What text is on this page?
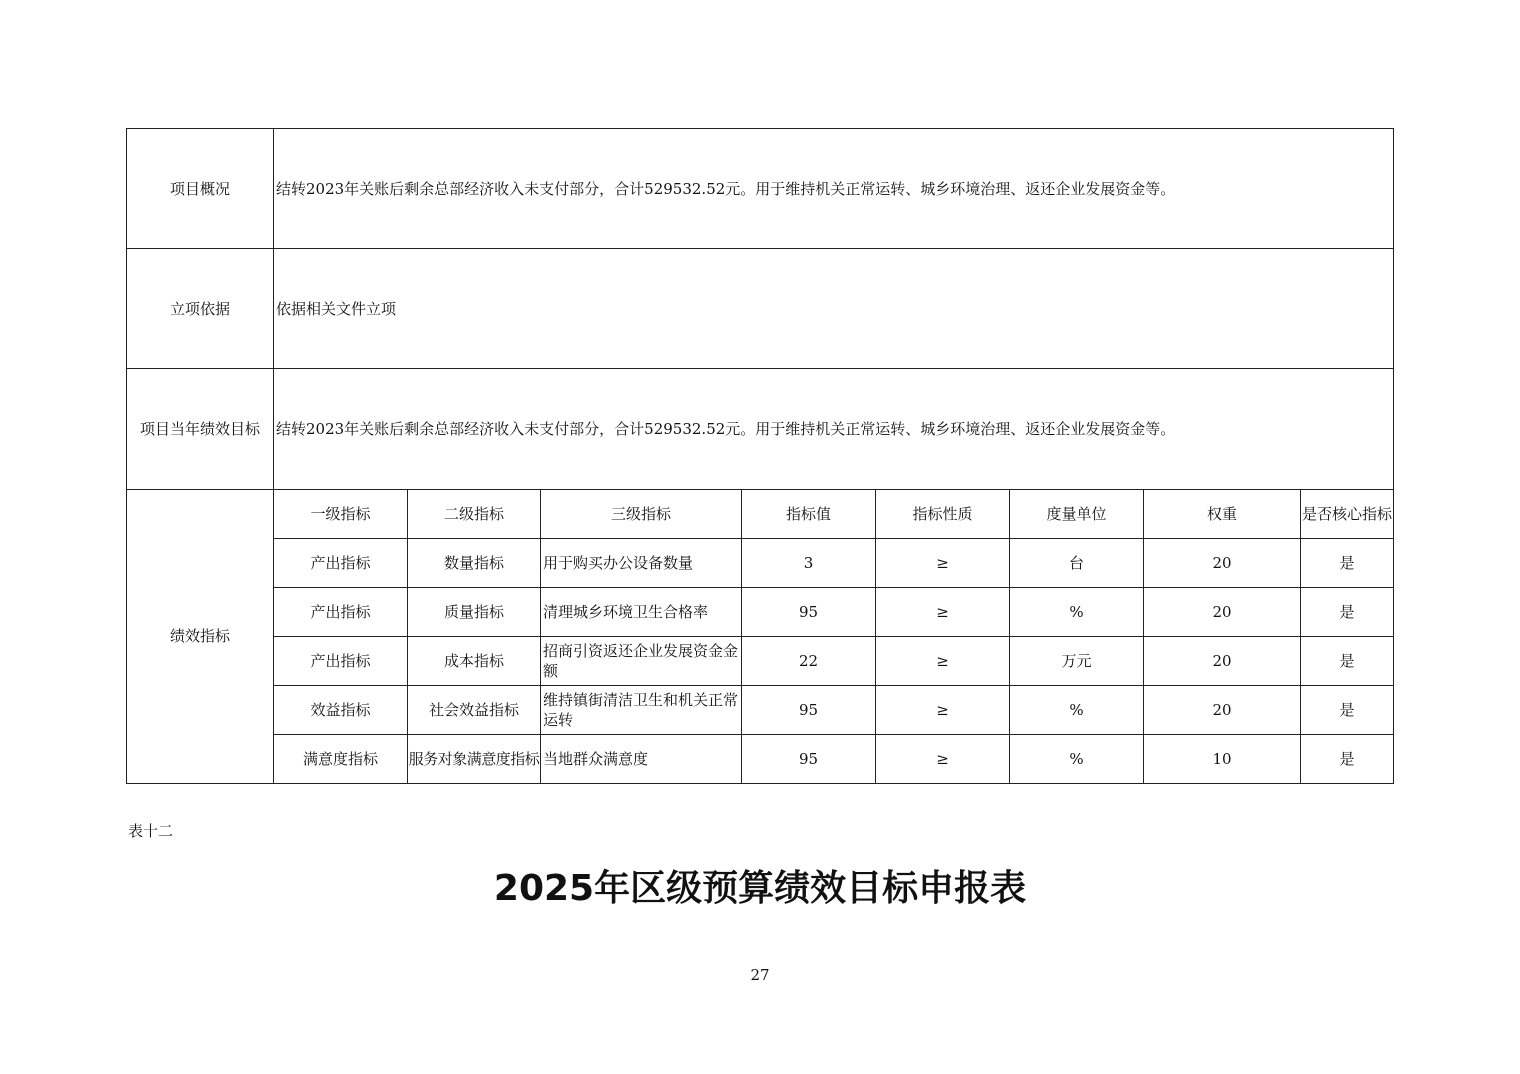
项目概况	结转2023年关账后剩余总部经济收入未支付部分，合计529532.52元。用于维持机关正常运转、城乡环境治理、返还企业发展资金等。							
立项依据	依据相关文件立项							
项目当年绩效目标	结转2023年关账后剩余总部经济收入未支付部分，合计529532.52元。用于维持机关正常运转、城乡环境治理、返还企业发展资金等。							
绩效指标	一级指标	二级指标	三级指标	指标值	指标性质	度量单位	权重	是否核心指标
	产出指标	数量指标	用于购买办公设备数量	3	≥	台	20	是
	产出指标	质量指标	清理城乡环境卫生合格率	95	≥	%	20	是
	产出指标	成本指标	招商引资返还企业发展资金金额	22	≥	万元	20	是
	效益指标	社会效益指标	维持镇街清洁卫生和机关正常运转	95	≥	%	20	是
	满意度指标	服务对象满意度指标	当地群众满意度	95	≥	%	10	是
表十二
2025年区级预算绩效目标申报表
27
